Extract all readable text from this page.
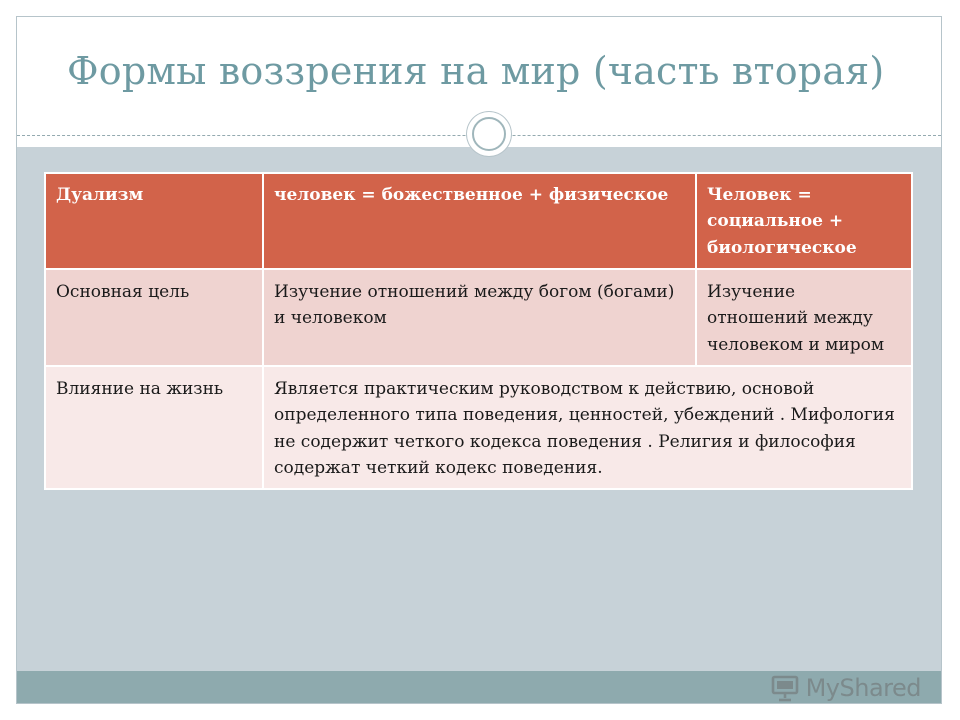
Формы воззрения на мир (часть вторая)
Дуализм	человек = божественное + физическое	Человек = социальное + биологическое
Основная цель	Изучение отношений между богом (богами) и человеком	Изучение отношений между человеком и миром
Влияние на жизнь	Является практическим руководством к действию, основой определенного типа поведения, ценностей, убеждений . Мифология не содержит четкого кодекса поведения . Религия и философия содержат четкий кодекс поведения.	
MyShared
